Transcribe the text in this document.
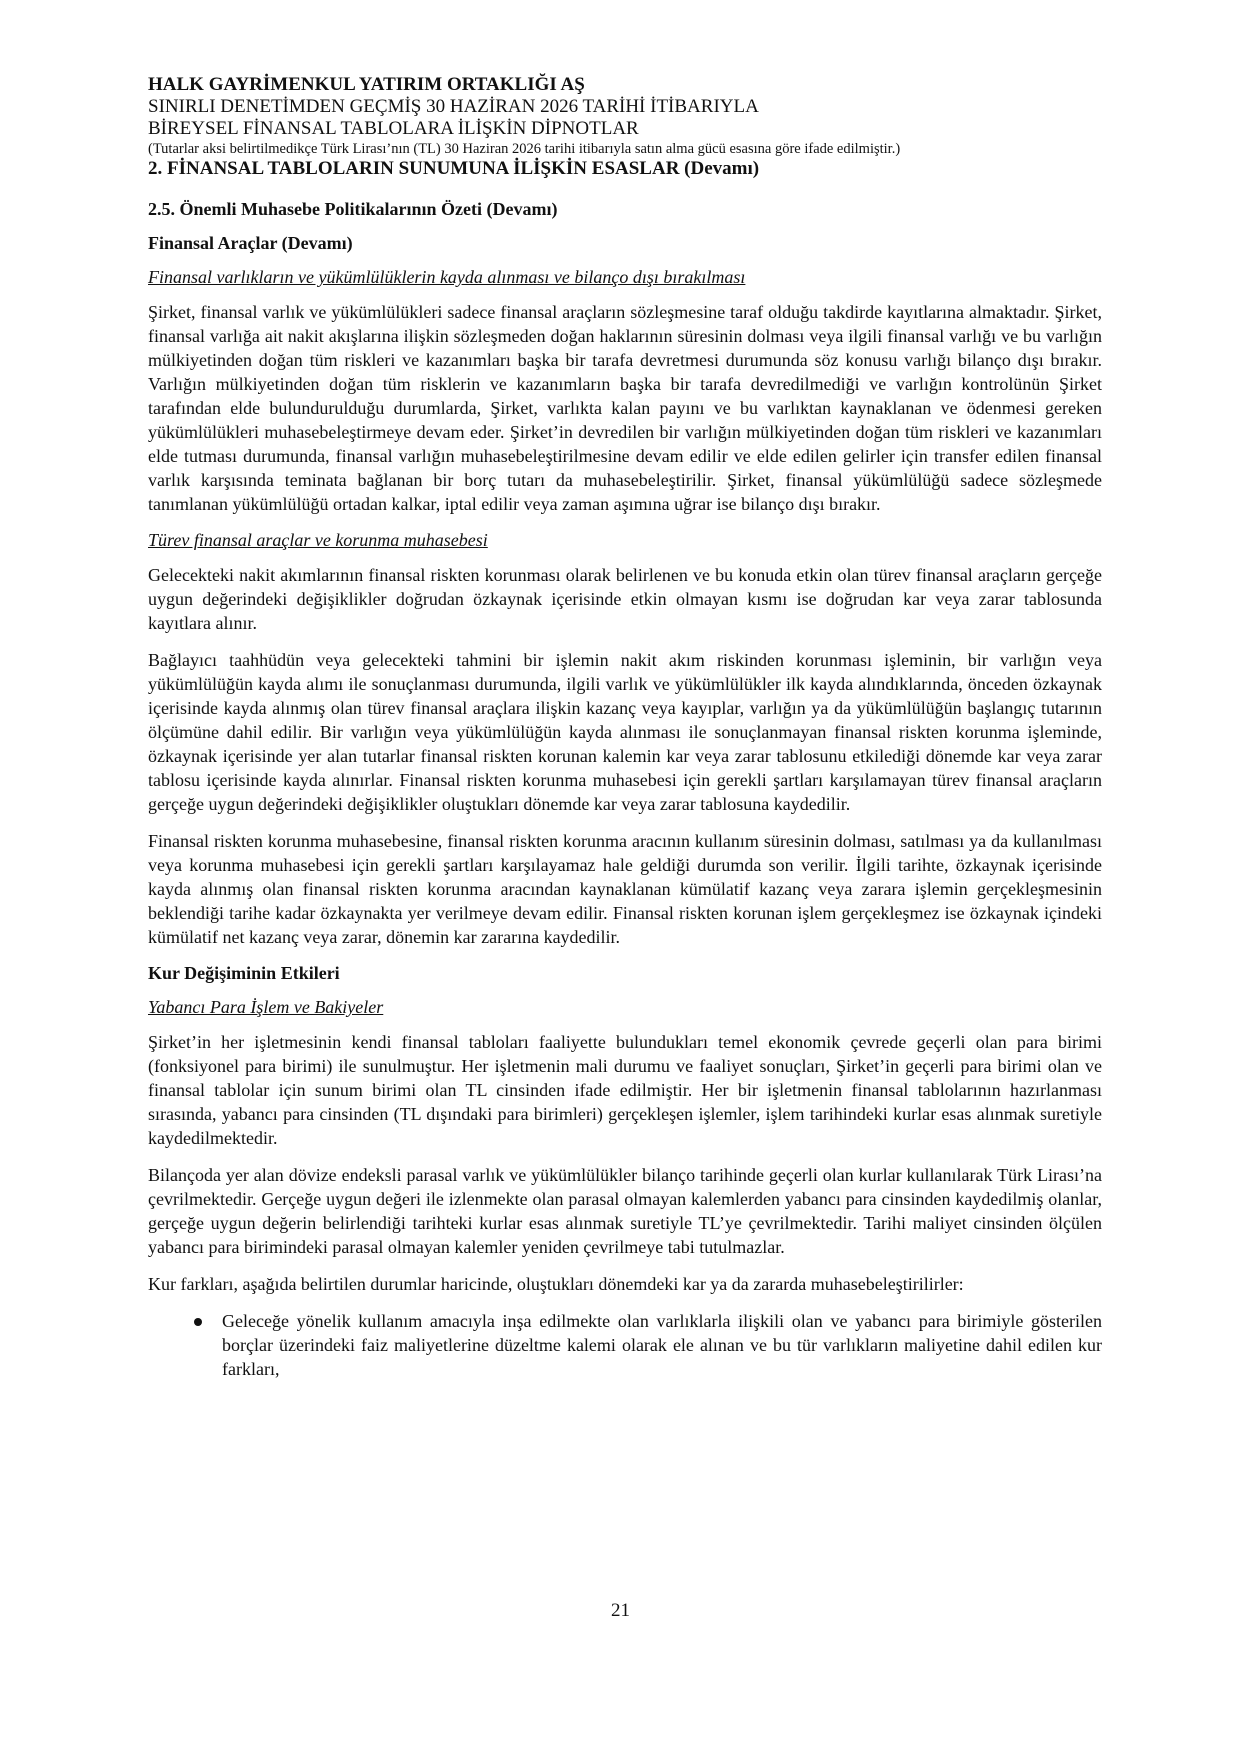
HALK GAYRİMENKUL YATIRIM ORTAKLIĞI AŞ

SINIRLI DENETİMDEN GEÇMİŞ 30 HAZİRAN 2026 TARİHİ İTİBARIYLA

BİREYSEL FİNANSAL TABLOLARA İLİŞKİN DİPNOTLAR

(Tutarlar aksi belirtilmedikçe Türk Lirası’nın (TL) 30 Haziran 2026 tarihi itibarıyla satın alma gücü esasına göre ifade edilmiştir.)

2. FİNANSAL TABLOLARIN SUNUMUNA İLİŞKİN ESASLAR (Devamı)

2.5. Önemli Muhasebe Politikalarının Özeti (Devamı)

Finansal Araçlar (Devamı)

Finansal varlıkların ve yükümlülüklerin kayda alınması ve bilanço dışı bırakılması

Şirket, finansal varlık ve yükümlülükleri sadece finansal araçların sözleşmesine taraf olduğu takdirde kayıtlarına almaktadır. Şirket, finansal varlığa ait nakit akışlarına ilişkin sözleşmeden doğan haklarının süresinin dolması veya ilgili finansal varlığı ve bu varlığın mülkiyetinden doğan tüm riskleri ve kazanımları başka bir tarafa devretmesi durumunda söz konusu varlığı bilanço dışı bırakır. Varlığın mülkiyetinden doğan tüm risklerin ve kazanımların başka bir tarafa devredilmediği ve varlığın kontrolünün Şirket tarafından elde bulundurulduğu durumlarda, Şirket, varlıkta kalan payını ve bu varlıktan kaynaklanan ve ödenmesi gereken yükümlülükleri muhasebeleştirmeye devam eder. Şirket’in devredilen bir varlığın mülkiyetinden doğan tüm riskleri ve kazanımları elde tutması durumunda, finansal varlığın muhasebeleştirilmesine devam edilir ve elde edilen gelirler için transfer edilen finansal varlık karşısında teminata bağlanan bir borç tutarı da muhasebeleştirilir. Şirket, finansal yükümlülüğü sadece sözleşmede tanımlanan yükümlülüğü ortadan kalkar, iptal edilir veya zaman aşımına uğrar ise bilanço dışı bırakır.

Türev finansal araçlar ve korunma muhasebesi

Gelecekteki nakit akımlarının finansal riskten korunması olarak belirlenen ve bu konuda etkin olan türev finansal araçların gerçeğe uygun değerindeki değişiklikler doğrudan özkaynak içerisinde etkin olmayan kısmı ise doğrudan kar veya zarar tablosunda kayıtlara alınır.

Bağlayıcı taahhüdün veya gelecekteki tahmini bir işlemin nakit akım riskinden korunması işleminin, bir varlığın veya yükümlülüğün kayda alımı ile sonuçlanması durumunda, ilgili varlık ve yükümlülükler ilk kayda alındıklarında, önceden özkaynak içerisinde kayda alınmış olan türev finansal araçlara ilişkin kazanç veya kayıplar, varlığın ya da yükümlülüğün başlangıç tutarının ölçümüne dahil edilir. Bir varlığın veya yükümlülüğün kayda alınması ile sonuçlanmayan finansal riskten korunma işleminde, özkaynak içerisinde yer alan tutarlar finansal riskten korunan kalemin kar veya zarar tablosunu etkilediği dönemde kar veya zarar tablosu içerisinde kayda alınırlar. Finansal riskten korunma muhasebesi için gerekli şartları karşılamayan türev finansal araçların gerçeğe uygun değerindeki değişiklikler oluştukları dönemde kar veya zarar tablosuna kaydedilir.

Finansal riskten korunma muhasebesine, finansal riskten korunma aracının kullanım süresinin dolması, satılması ya da kullanılması veya korunma muhasebesi için gerekli şartları karşılayamaz hale geldiği durumda son verilir. İlgili tarihte, özkaynak içerisinde kayda alınmış olan finansal riskten korunma aracından kaynaklanan kümülatif kazanç veya zarara işlemin gerçekleşmesinin beklendiği tarihe kadar özkaynakta yer verilmeye devam edilir. Finansal riskten korunan işlem gerçekleşmez ise özkaynak içindeki kümülatif net kazanç veya zarar, dönemin kar zararına kaydedilir.

Kur Değişiminin Etkileri

Yabancı Para İşlem ve Bakiyeler

Şirket’in her işletmesinin kendi finansal tabloları faaliyette bulundukları temel ekonomik çevrede geçerli olan para birimi (fonksiyonel para birimi) ile sunulmuştur. Her işletmenin mali durumu ve faaliyet sonuçları, Şirket’in geçerli para birimi olan ve finansal tablolar için sunum birimi olan TL cinsinden ifade edilmiştir. Her bir işletmenin finansal tablolarının hazırlanması sırasında, yabancı para cinsinden (TL dışındaki para birimleri) gerçekleşen işlemler, işlem tarihindeki kurlar esas alınmak suretiyle kaydedilmektedir.

Bilançoda yer alan dövize endeksli parasal varlık ve yükümlülükler bilanço tarihinde geçerli olan kurlar kullanılarak Türk Lirası’na çevrilmektedir. Gerçeğe uygun değeri ile izlenmekte olan parasal olmayan kalemlerden yabancı para cinsinden kaydedilmiş olanlar, gerçeğe uygun değerin belirlendiği tarihteki kurlar esas alınmak suretiyle TL’ye çevrilmektedir. Tarihi maliyet cinsinden ölçülen yabancı para birimindeki parasal olmayan kalemler yeniden çevrilmeye tabi tutulmazlar.

Kur farkları, aşağıda belirtilen durumlar haricinde, oluştukları dönemdeki kar ya da zararda muhasebeleştirilirler:

Geleceğe yönelik kullanım amacıyla inşa edilmekte olan varlıklarla ilişkili olan ve yabancı para birimiyle gösterilen borçlar üzerindeki faiz maliyetlerine düzeltme kalemi olarak ele alınan ve bu tür varlıkların maliyetine dahil edilen kur farkları,
21
